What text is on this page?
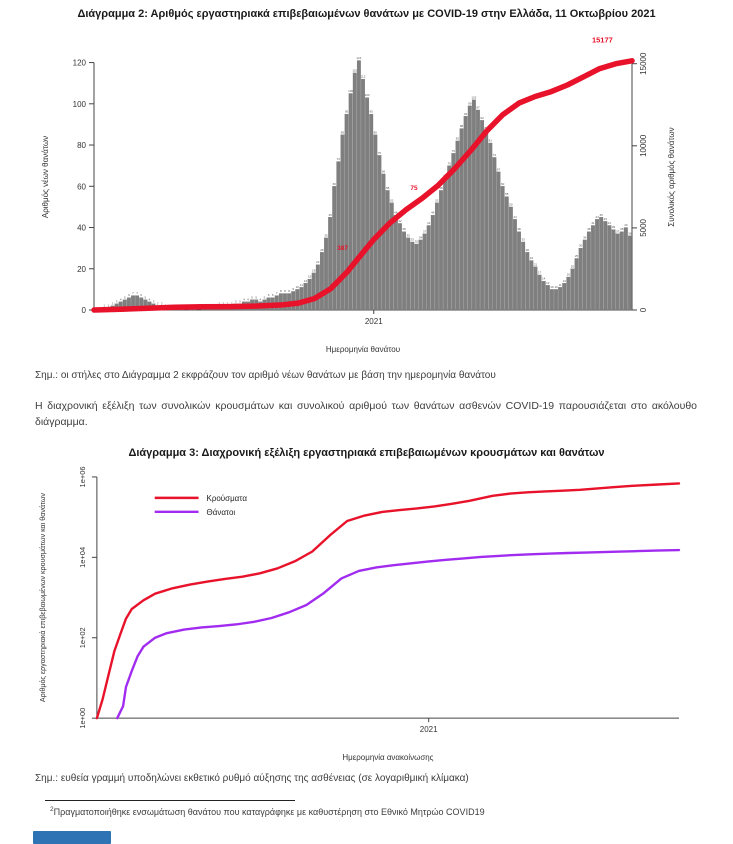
Διάγραμμα 2: Αριθμός εργαστηριακά επιβεβαιωμένων θανάτων με COVID-19 στην Ελλάδα, 11 Οκτωβρίου 2021
0
20
40
60
80
100
120
0
5000
10000
15000
1 1
2
3
4
5
6
7 7
6
5
4
3
2 2
1 1 1 1 1 1 1 1 1 1 1
2 2 2 2
3 3
4 4
5 5
4
5
6 6
7
8 8 8
9
10
11
13
15
18
22
28
35
45
60
72
85
95
105
115
121
112
103
95
85
75
66
58
52
46
42
38
35
33
32
34
37
41
46
52
58
64
70
76
82
88
94
99
102
97
92
87
81
74
67
60
55
50
44
38
33
28
24
21
17
14
12
10 10
11
13
16
20
25
30
34
38
41
44
45
43
41
39
37
38
40
36
387
75
15177
2021
Ημερομηνία θανάτου
Αριθμός νέων θανάτων	Συνολικός αριθμός θανάτων

Σημ.: οι στήλες στο Διάγραμμα 2 εκφράζουν τον αριθμό νέων θανάτων με βάση την ημερομηνία θανάτου

Η διαχρονική εξέλιξη των συνολικών κρουσμάτων και συνολικού αριθμού των θανάτων ασθενών COVID-19 παρουσιάζεται στο ακόλουθο διάγραμμα.

Διάγραμμα 3: Διαχρονική εξέλιξη εργαστηριακά επιβεβαιωμένων κρουσμάτων και θανάτων
1e+00
1e+02
1e+04
1e+06
Κρούσματα
Θάνατοι
2021
Ημερομηνία ανακοίνωσης
Αριθμός εργαστηριακά επιβεβαιωμένων κρουσμάτων και θανάτων

Σημ.: ευθεία γραμμή υποδηλώνει εκθετικό ρυθμό αύξησης της ασθένειας (σε λογαριθμική κλίμακα)

$^2$Πραγματοποιήθηκε ενσωμάτωση θανάτου που καταγράφηκε με καθυστέρηση στο Εθνικό Μητρώο COVID19
